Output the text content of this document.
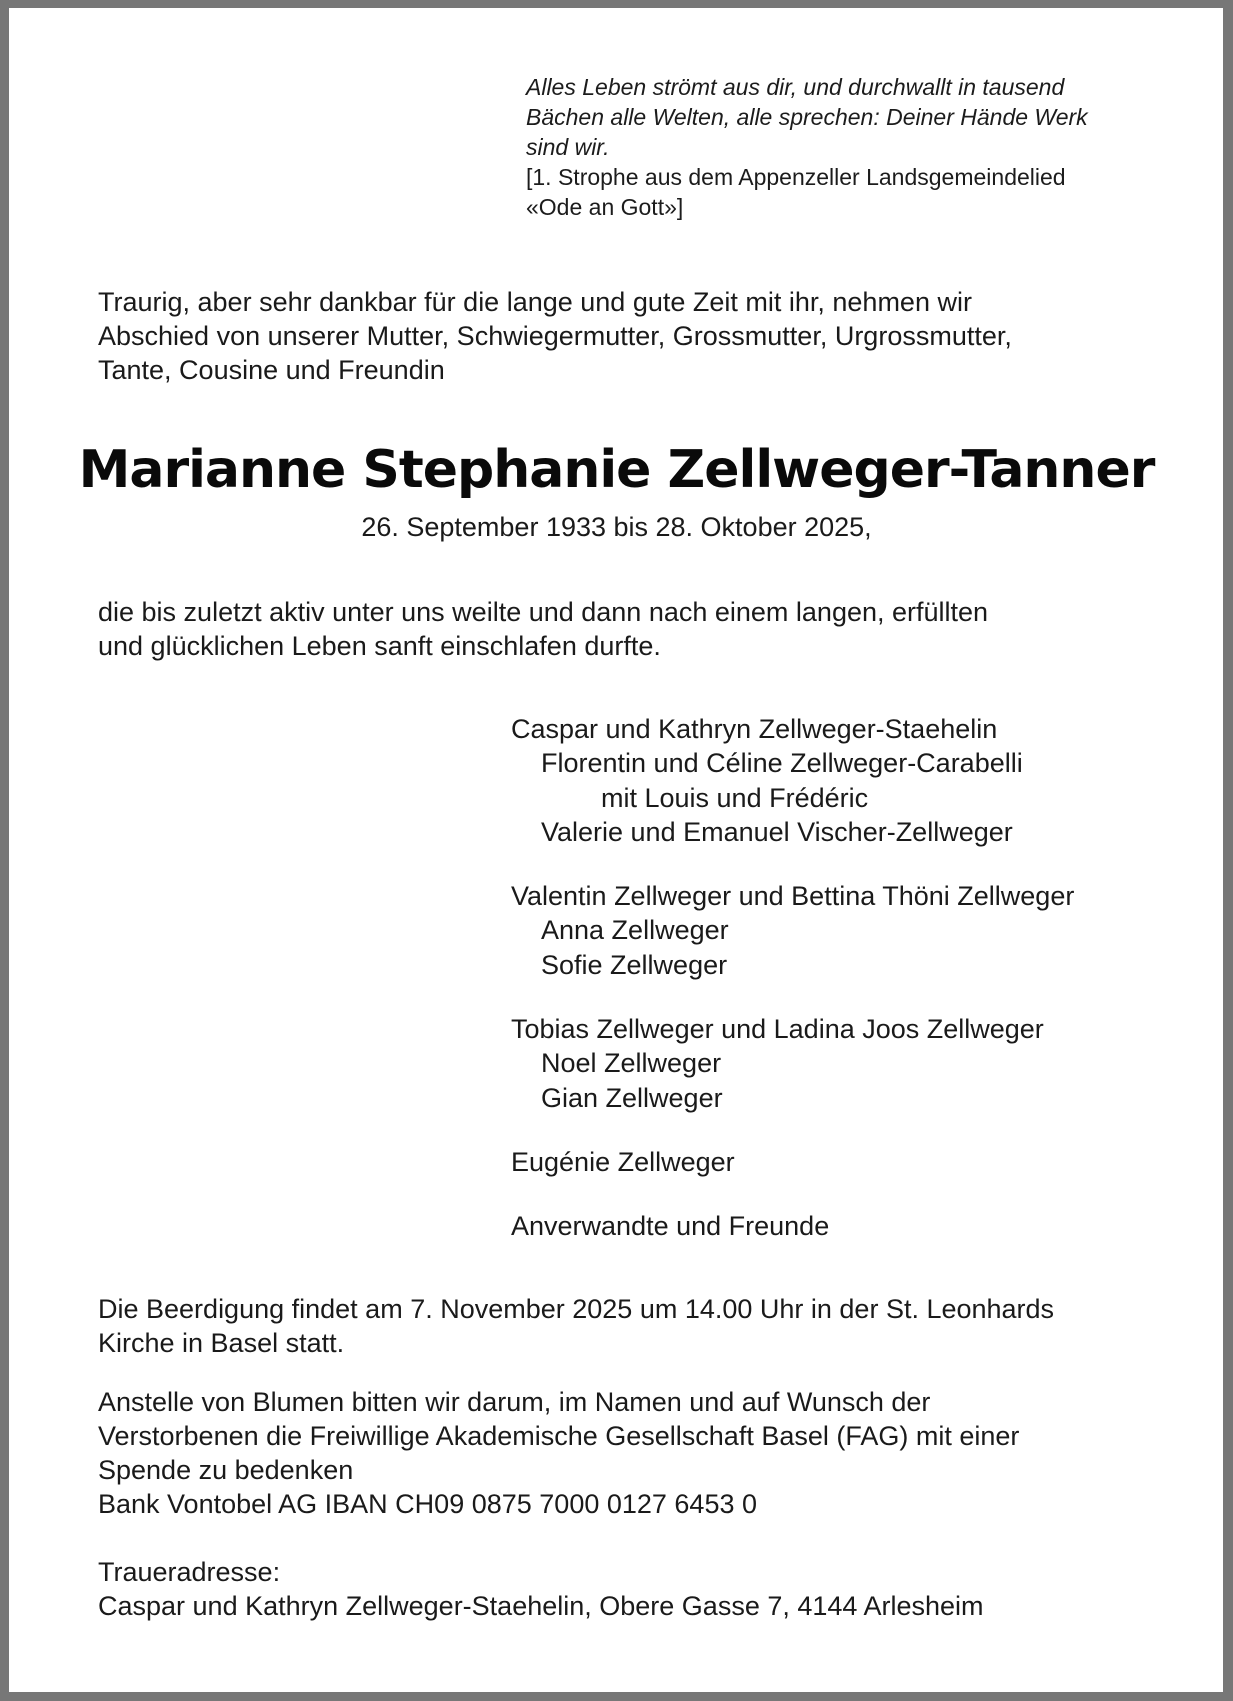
Alles Leben strömt aus dir, und durchwallt in tausend
Bächen alle Welten, alle sprechen: Deiner Hände Werk
sind wir.
[1. Strophe aus dem Appenzeller Landsgemeindelied
«Ode an Gott»]
Traurig, aber sehr dankbar für die lange und gute Zeit mit ihr, nehmen wir
Abschied von unserer Mutter, Schwiegermutter, Grossmutter, Urgrossmutter,
Tante, Cousine und Freundin
Marianne Stephanie Zellweger-Tanner
26. September 1933 bis 28. Oktober 2025,
die bis zuletzt aktiv unter uns weilte und dann nach einem langen, erfüllten
und glücklichen Leben sanft einschlafen durfte.
Caspar und Kathryn Zellweger-Staehelin
Florentin und Céline Zellweger-Carabelli
mit Louis und Frédéric
Valerie und Emanuel Vischer-Zellweger
Valentin Zellweger und Bettina Thöni Zellweger
Anna Zellweger
Sofie Zellweger
Tobias Zellweger und Ladina Joos Zellweger
Noel Zellweger
Gian Zellweger
Eugénie Zellweger
Anverwandte und Freunde
Die Beerdigung findet am 7. November 2025 um 14.00 Uhr in der St. Leonhards
Kirche in Basel statt.
Anstelle von Blumen bitten wir darum, im Namen und auf Wunsch der
Verstorbenen die Freiwillige Akademische Gesellschaft Basel (FAG) mit einer
Spende zu bedenken
Bank Vontobel AG IBAN CH09 0875 7000 0127 6453 0
Traueradresse:
Caspar und Kathryn Zellweger-Staehelin, Obere Gasse 7, 4144 Arlesheim
